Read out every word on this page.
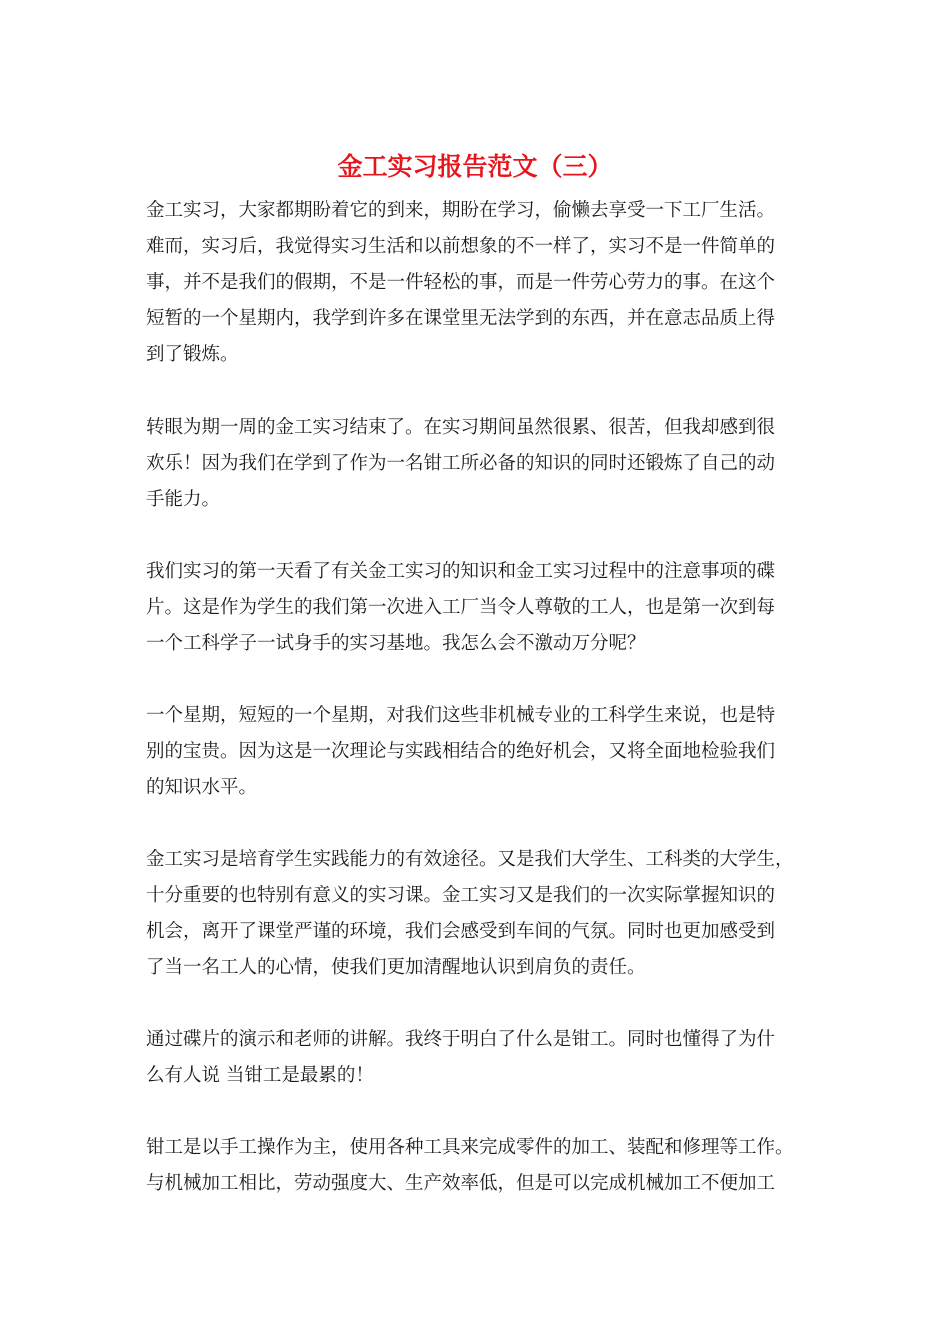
金工实习报告范文（三）
金工实习，大家都期盼着它的到来，期盼在学习，偷懒去享受一下工厂生活。
难而，实习后，我觉得实习生活和以前想象的不一样了，实习不是一件简单的
事，并不是我们的假期，不是一件轻松的事，而是一件劳心劳力的事。在这个
短暂的一个星期内，我学到许多在课堂里无法学到的东西，并在意志品质上得
到了锻炼。
转眼为期一周的金工实习结束了。在实习期间虽然很累、很苦，但我却感到很
欢乐！因为我们在学到了作为一名钳工所必备的知识的同时还锻炼了自己的动
手能力。
我们实习的第一天看了有关金工实习的知识和金工实习过程中的注意事项的碟
片。这是作为学生的我们第一次进入工厂当令人尊敬的工人，也是第一次到每
一个工科学子一试身手的实习基地。我怎么会不激动万分呢？
一个星期，短短的一个星期，对我们这些非机械专业的工科学生来说，也是特
别的宝贵。因为这是一次理论与实践相结合的绝好机会，又将全面地检验我们
的知识水平。
金工实习是培育学生实践能力的有效途径。又是我们大学生、工科类的大学生，
十分重要的也特别有意义的实习课。金工实习又是我们的一次实际掌握知识的
机会，离开了课堂严谨的环境，我们会感受到车间的气氛。同时也更加感受到
了当一名工人的心情，使我们更加清醒地认识到肩负的责任。
通过碟片的演示和老师的讲解。我终于明白了什么是钳工。同时也懂得了为什
么有人说 当钳工是最累的！
钳工是以手工操作为主，使用各种工具来完成零件的加工、装配和修理等工作。
与机械加工相比，劳动强度大、生产效率低，但是可以完成机械加工不便加工
